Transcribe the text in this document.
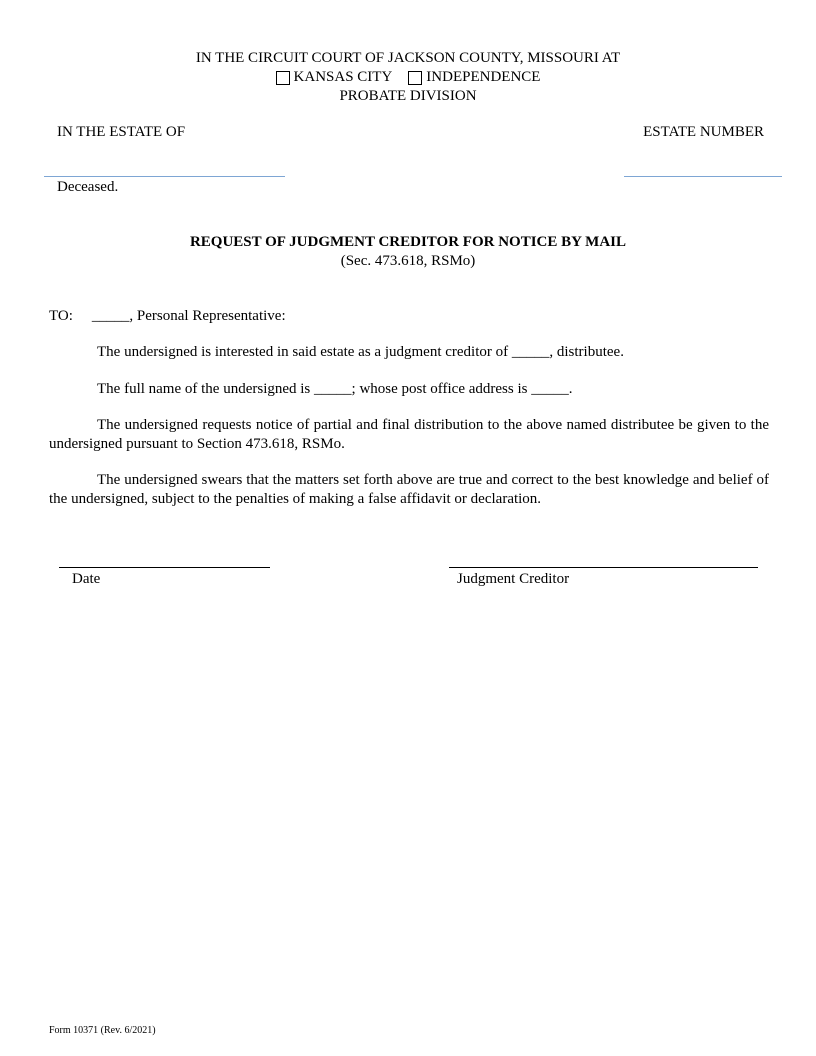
IN THE CIRCUIT COURT OF JACKSON COUNTY, MISSOURI AT
KANSAS CITY INDEPENDENCE
PROBATE DIVISION
IN THE ESTATE OF	ESTATE NUMBER
Deceased.
REQUEST OF JUDGMENT CREDITOR FOR NOTICE BY MAIL
(Sec. 473.618, RSMo)
TO: _____, Personal Representative:
The undersigned is interested in said estate as a judgment creditor of _____, distributee.
The full name of the undersigned is _____; whose post office address is _____.
The undersigned requests notice of partial and final distribution to the above named distributee be given to the undersigned pursuant to Section 473.618, RSMo.
The undersigned swears that the matters set forth above are true and correct to the best knowledge and belief of the undersigned, subject to the penalties of making a false affidavit or declaration.
Date	Judgment Creditor
Form 10371 (Rev. 6/2021)
